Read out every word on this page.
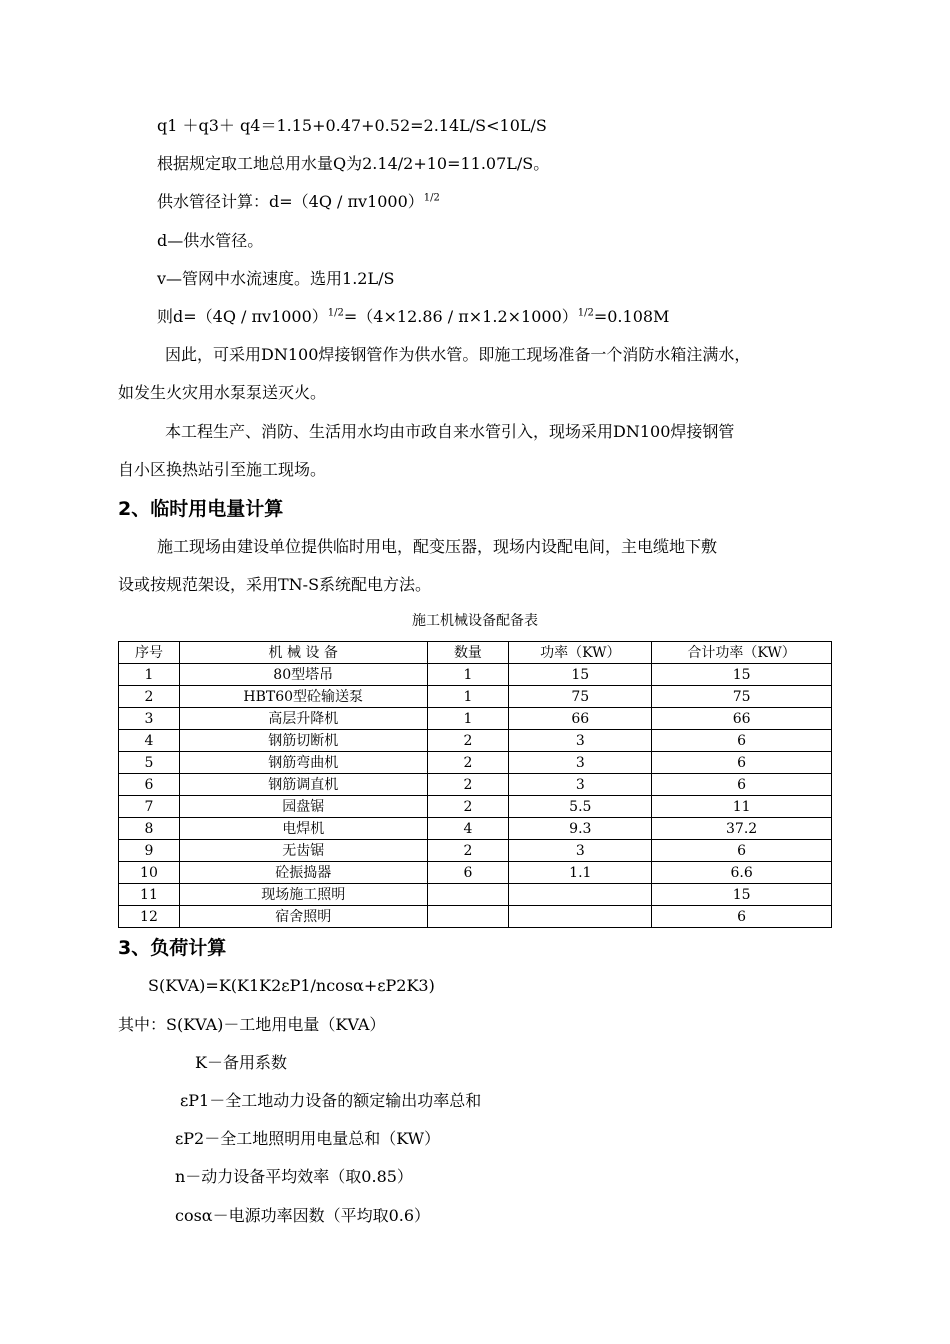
q1 ＋q3＋ q4＝1.15+0.47+0.52=2.14L/S<10L/S
根据规定取工地总用水量Q为2.14/2+10=11.07L/S。
供水管径计算：d=（4Q / πv1000）$^{1/2}$
d—供水管径。
v—管网中水流速度。选用1.2L/S
则$d=(4Q / \pi v1000)^{1/2}=(4\times 12.86 / \pi\times 1.2\times 1000)^{1/2}=0.108M$
因此，可采用DN100焊接钢管作为供水管。即施工现场准备一个消防水箱注满水，
如发生火灾用水泵泵送灭火。
本工程生产、消防、生活用水均由市政自来水管引入，现场采用DN100焊接钢管
自小区换热站引至施工现场。
2、临时用电量计算
施工现场由建设单位提供临时用电，配变压器，现场内设配电间，主电缆地下敷
设或按规范架设，采用TN-S系统配电方法。
施工机械设备配备表
序号	机 械 设 备	数量	功率（KW）	合计功率（KW）
1	80型塔吊	1	15	15
2	HBT60型砼输送泵	1	75	75
3	高层升降机	1	66	66
4	钢筋切断机	2	3	6
5	钢筋弯曲机	2	3	6
6	钢筋调直机	2	3	6
7	园盘锯	2	5.5	11
8	电焊机	4	9.3	37.2
9	无齿锯	2	3	6
10	砼振捣器	6	1.1	6.6
11	现场施工照明			15
12	宿舍照明			6
3、负荷计算
S(KVA)=K(K1K2εP1/ncosα+εP2K3)
其中：S(KVA)－工地用电量（KVA）
K－备用系数
εP1－全工地动力设备的额定输出功率总和
εP2－全工地照明用电量总和（KW）
n－动力设备平均效率（取0.85）
cosα－电源功率因数（平均取0.6）
